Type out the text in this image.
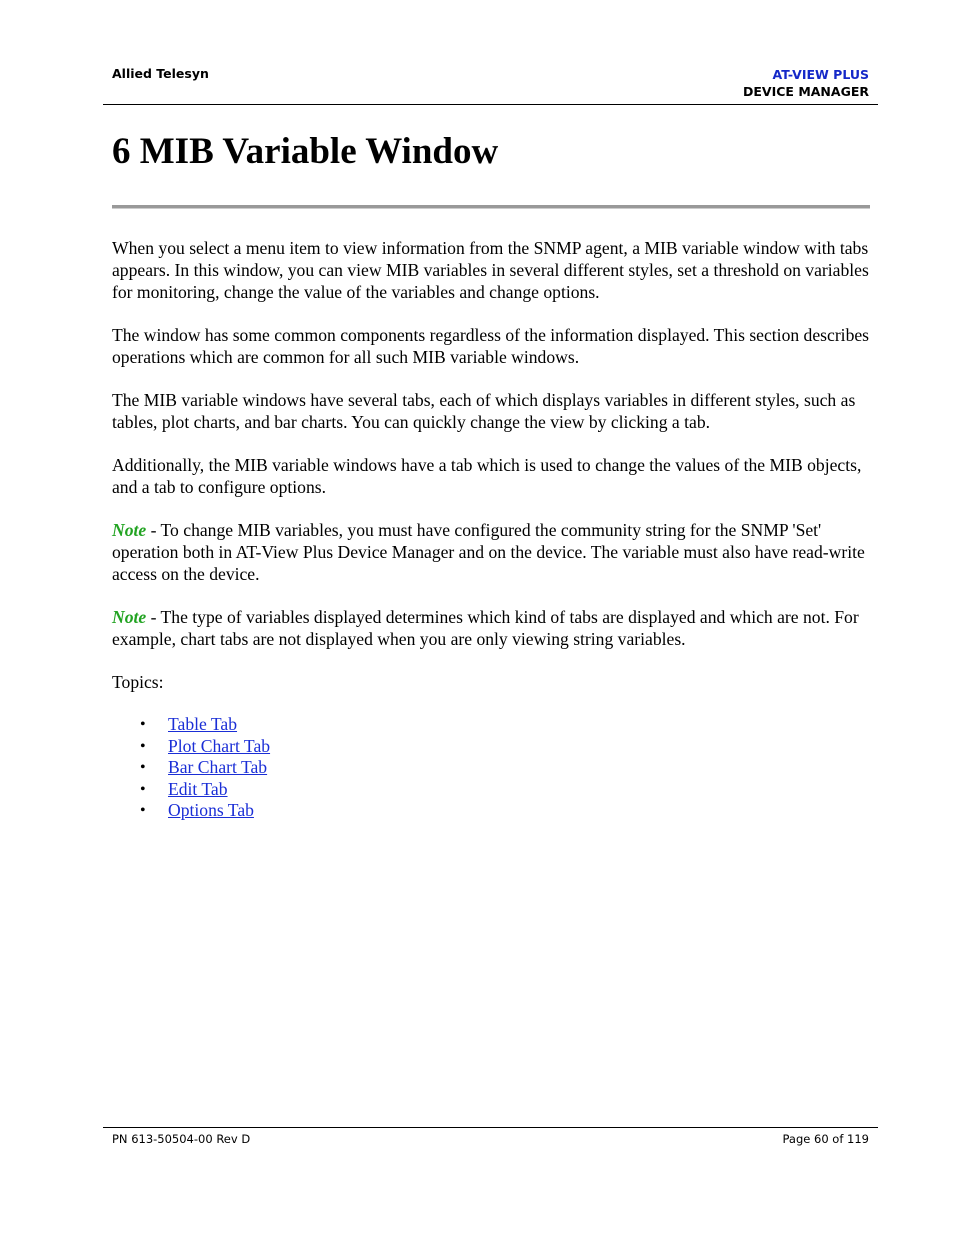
Allied Telesyn	AT-VIEW PLUS
DEVICE MANAGER
6 MIB Variable Window

When you select a menu item to view information from the SNMP agent, a MIB variable window with tabs appears. In this window, you can view MIB variables in several different styles, set a threshold on variables for monitoring, change the value of the variables and change options.

The window has some common components regardless of the information displayed. This section describes operations which are common for all such MIB variable windows.

The MIB variable windows have several tabs, each of which displays variables in different styles, such as tables, plot charts, and bar charts. You can quickly change the view by clicking a tab.

Additionally, the MIB variable windows have a tab which is used to change the values of the MIB objects, and a tab to configure options.

Note - To change MIB variables, you must have configured the community string for the SNMP 'Set' operation both in AT-View Plus Device Manager and on the device. The variable must also have read-write access on the device.

Note - The type of variables displayed determines which kind of tabs are displayed and which are not. For example, chart tabs are not displayed when you are only viewing string variables.

Topics:

• Table Tab
• Plot Chart Tab
• Bar Chart Tab
• Edit Tab
• Options Tab
PN 613-50504-00 Rev D	Page 60 of 119
